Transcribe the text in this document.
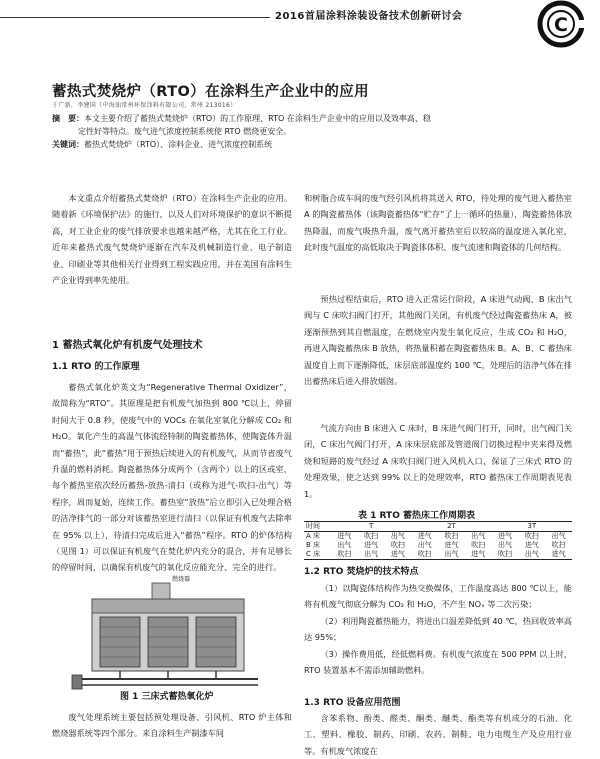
2016首届涂料涂装设备技术创新研讨会	C
蓄热式焚烧炉（RTO）在涂料生产企业中的应用
于广新，李建国（中海油常州环保涂料有限公司，常州 213016）

摘　要：本文主要介绍了蓄热式焚烧炉（RTO）的工作原理、RTO 在涂料生产企业中的应用以及效率高、稳

定性好等特点。废气进气浓度控制系统使 RTO 燃烧更安全。

关键词：蓄热式焚烧炉（RTO）、涂料企业、进气浓度控制系统

本文重点介绍蓄热式焚烧炉（RTO）在涂料生产企业的应用。随着新《环境保护法》的施行，以及人们对环境保护的意识不断提高，对工业企业的废气排放要求也越来越严格，尤其在化工行业。近年来蓄热式废气焚烧炉逐渐在汽车及机械制造行业、电子制造业、印刷业等其他相关行业得到工程实践应用，并在美国有涂料生产企业得到率先使用。

1 蓄热式氧化炉有机废气处理技术
1.1 RTO 的工作原理

蓄热式氧化炉英文为“Regenerative Thermal Oxidizer”，故简称为“RTO”。其原理是把有机废气加热到 800 ℃以上，停留时间大于 0.8 秒，使废气中的 VOCs 在氧化室氧化分解成 CO₂ 和 H₂O。氧化产生的高温气体流经特制的陶瓷蓄热体，使陶瓷体升温而“蓄热”，此“蓄热”用于预热后续进入的有机废气，从而节省废气升温的燃料消耗。陶瓷蓄热体分成两个（含两个）以上的区或室，每个蓄热室依次经历蓄热-放热-清扫（或称为进气-吹扫-出气）等程序，周而复始，连续工作。蓄热室“放热”后立即引入已处理合格的洁净排气的一部分对该蓄热室进行清扫（以保证有机废气去除率在 95% 以上），待清扫完成后进入“蓄热”程序。RTO 的炉体结构（见图 1）可以保证有机废气在焚化炉内充分的混合，并有足够长的停留时间，以确保有机废气的氧化反应能充分、完全的进行。

燃烧器
图 1 三床式蓄热氧化炉

废气处理系统主要包括预处理设备、引风机、RTO 炉主体和燃烧器系统等四个部分。来自涂料生产制漆车间

和树脂合成车间的废气经引风机将其送入 RTO，待处理的废气进入蓄热室 A 的陶瓷蓄热体（该陶瓷蓄热体“贮存”了上一循环的热量），陶瓷蓄热体放热降温，而废气吸热升温，废气离开蓄热室后以较高的温度进入氧化室，此时废气温度的高低取决于陶瓷体体积、废气流速和陶瓷体的几何结构。

预热过程结束后，RTO 进入正常运行阶段，A 床进气动阀、B 床出气阀与 C 床吹扫阀门打开，其他阀门关闭，有机废气经过陶瓷蓄热床 A，被逐渐预热到其自燃温度，在燃烧室内发生氧化反应，生成 CO₂ 和 H₂O，再进入陶瓷蓄热床 B 放热，将热量积蓄在陶瓷蓄热床 B。A、B、C 蓄热床温度自上而下逐渐降低，床层底部温度约 100 ℃，处理后的洁净气体在排出蓄热床后进入排放烟囱。

气流方向由 B 床进入 C 床时，B 床进气阀门打开，同时，出气阀门关闭，C 床出气阀门打开，A 床床层底部及管道阀门切换过程中夹来得及燃烧和短路的废气经过 A 床吹扫阀门进入风机入口，保证了三床式 RTO 的处理效果，使之达到 99% 以上的处理效率，RTO 蓄热床工作周期表见表 1。

表 1 RTO 蓄热床工作周期表
时间	T			2T			3T		
A 床	进气	吹扫	出气	进气	吹扫	出气	进气	吹扫	出气
B 床	出气	进气	吹扫	出气	进气	吹扫	出气	进气	吹扫
C 床	吹扫	出气	进气	吹扫	出气	进气	吹扫	出气	进气
1.2 RTO 焚烧炉的技术特点

（1）以陶瓷体结构作为热交换媒体，工作温度高达 800 ℃以上，能将有机废气彻底分解为 CO₂ 和 H₂O，不产生 NOₓ 等二次污染；

（2）利用陶瓷蓄热能力，将进出口温差降低到 40 ℃，热回收效率高达 95%；

（3）操作费用低，经低燃料费。有机废气浓度在 500 PPM 以上时，RTO 装置基本不需添加辅助燃料。

1.3 RTO 设备应用范围

含苯系物、酚类、醛类、酮类、醚类、酯类等有机成分的石油、化工、塑料、橡胶、制药、印刷、农药、制鞋、电力电缆生产及应用行业等。有机废气浓度在
